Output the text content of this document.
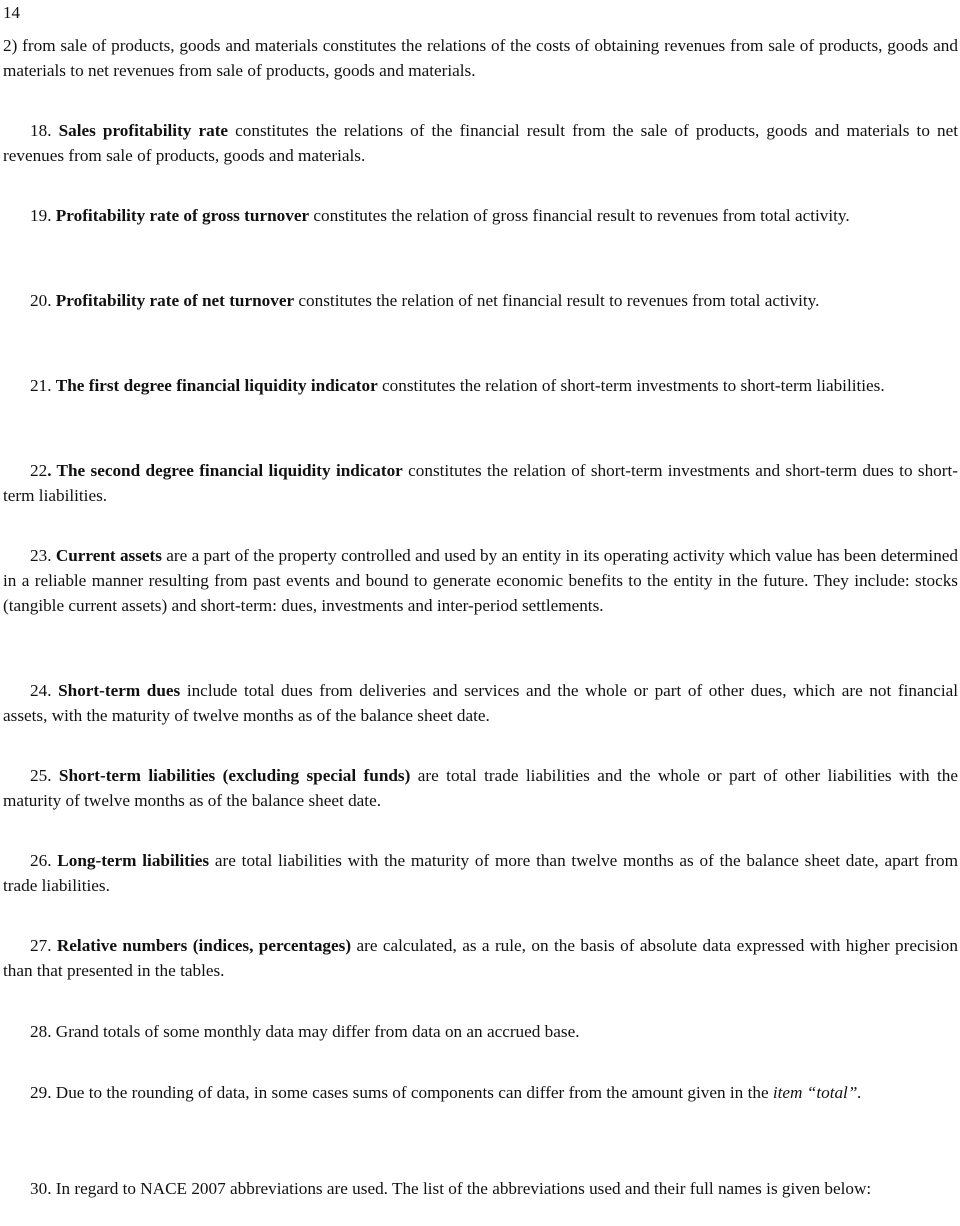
14

2) from sale of products, goods and materials constitutes the relations of the costs of obtaining revenues from sale of products, goods and materials to net revenues from sale of products, goods and materials.

18. Sales profitability rate constitutes the relations of the financial result from the sale of products, goods and materials to net revenues from sale of products, goods and materials.

19. Profitability rate of gross turnover constitutes the relation of gross financial result to revenues from total activity.

20. Profitability rate of net turnover constitutes the relation of net financial result to revenues from total activity.

21. The first degree financial liquidity indicator constitutes the relation of short-term investments to short-term liabilities.

22. The second degree financial liquidity indicator constitutes the relation of short-term investments and short-term dues to short-term liabilities.

23. Current assets are a part of the property controlled and used by an entity in its operating activity which value has been determined in a reliable manner resulting from past events and bound to generate economic benefits to the entity in the future. They include: stocks (tangible current assets) and short-term: dues, investments and inter-period settlements.

24. Short-term dues include total dues from deliveries and services and the whole or part of other dues, which are not financial assets, with the maturity of twelve months as of the balance sheet date.

25. Short-term liabilities (excluding special funds) are total trade liabilities and the whole or part of other liabilities with the maturity of twelve months as of the balance sheet date.

26. Long-term liabilities are total liabilities with the maturity of more than twelve months as of the balance sheet date, apart from trade liabilities.

27. Relative numbers (indices, percentages) are calculated, as a rule, on the basis of absolute data expressed with higher precision than that presented in the tables.

28. Grand totals of some monthly data may differ from data on an accrued base.

29. Due to the rounding of data, in some cases sums of components can differ from the amount given in the item “total”.

30. In regard to NACE 2007 abbreviations are used. The list of the abbreviations used and their full names is given below:
